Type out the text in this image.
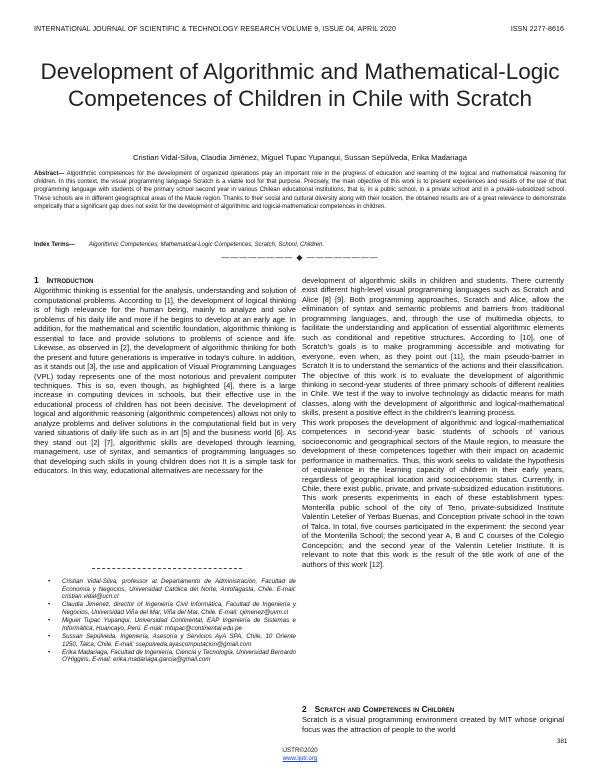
INTERNATIONAL JOURNAL OF SCIENTIFIC & TECHNOLOGY RESEARCH VOLUME 9, ISSUE 04, APRIL 2020	ISSN 2277-8616
Development of Algorithmic and Mathematical-Logic Competences of Children in Chile with Scratch
Cristian Vidal-Silva, Claudia Jiménez, Miguel Tupac Yupanqui, Sussan Sepúlveda, Erika Madariaga
Abstract— Algorithmic competences for the development of organized operations play an important role in the progress of education and learning of the logical and mathematical reasoning for children. In this context, the visual programming language Scratch is a viable tool for that purpose. Precisely, the main objective of this work is to present experiences and results of the use of that programming language with students of the primary school second year in various Chilean educational institutions, that is, in a public school, in a private school and in a private-subsidized school. These schools are in different geographical areas of the Maule region. Thanks to their social and cultural diversity along with their location, the obtained results are of a great relevance to demonstrate empirically that a significant gap does not exist for the development of algorithmic and logical-mathematical competences in children.
Index Terms— Algorithmic Competences, Mathematical-Logic Competences, Scratch, School, Children.
———————— ◆ ————————
1 Introduction

Algorithmic thinking is essential for the analysis, understanding and solution of computational problems. According to [1], the development of logical thinking is of high relevance for the human being, mainly to analyze and solve problems of his daily life and more if he begins to develop at an early age. In addition, for the mathematical and scientific foundation, algorithmic thinking is essential to face and provide solutions to problems of science and life. Likewise, as observed in [2], the development of algorithmic thinking for both the present and future generations is imperative in today's culture. In addition, as it stands out [3], the use and application of Visual Programming Languages (VPL) today represents one of the most notorious and prevalent computer techniques. This is so, even though, as highlighted [4], there is a large increase in computing devices in schools, but their effective use in the educational process of children has not been decisive. The development of logical and algorithmic reasoning (algorithmic competences) allows not only to analyze problems and deliver solutions in the computational field but in very varied situations of daily life such as in art [5] and the business world [6]. As they stand out [2] [7], algorithmic skills are developed through learning, management, use of syntax, and semantics of programming languages so that developing such skills in young children does not It is a simple task for educators. In this way, educational alternatives are necessary for the

development of algorithmic skills in children and students. There currently exist different high-level visual programming languages such as Scratch and Alice [8] [9]. Both programming approaches, Scratch and Alice, allow the elimination of syntax and semantic problems and barriers from traditional programming languages, and, through the use of multimedia objects, to facilitate the understanding and application of essential algorithmic elements such as conditional and repetitive structures. According to [10], one of Scratch's goals is to make programming accessible and motivating for everyone, even when, as they point out [11], the main pseudo-barrier in Scratch It is to understand the semantics of the actions and their classification. The objective of this work is to evaluate the development of algorithmic thinking in second-year students of three primary schools of different realities in Chile. We test if the way to involve technology as didactic means for math classes, along with the development of algorithmic and logical-mathematical skills, present a positive effect in the children's learning process.

This work proposes the development of algorithmic and logical-mathematical competences in second-year basic students of schools of various socioeconomic and geographical sectors of the Maule region, to measure the development of these competences together with their impact on academic performance in mathematics. Thus, this work seeks to validate the hypothesis of equivalence in the learning capacity of children in their early years, regardless of geographical location and socioeconomic status. Currently, in Chile, there exist public, private, and private-subsidized education institutions. This work presents experiments in each of these establishment types: Monterilla public school of the city of Teno, private-subsidized Institute Valentín Letelier of Yerbas Buenas, and Conception private school in the town of Talca. In total, five courses participated in the experiment: the second year of the Monterilla School; the second year A, B and C courses of the Colegio Concepción; and the second year of the Valentín Letelier Institute. It is relevant to note that this work is the result of the title work of one of the authors of this work [12].

•	Cristian Vidal-Silva, professor at Departamento de Administración, Facultad de Economía y Negocios, Universidad Católica del Norte, Antofagasta, Chile. E-mail: cristian.vidal@ucn.cl
•	Claudia Jiménez, director of Ingeniería Civil Informática, Facultad de Ingeniería y Negocios, Universidad Viña del Mar, Viña del Mar, Chile. E-mail: cjimenez@uvm.cl
•	Miguel Tupac Yupanqui, Universidad Continental, EAP Ingeniería de Sistemas e Informática, Huancayo, Perú. E-mail: mtupac@continental.edu.pe
•	Sussan Sepúlveda, Ingeniería, Asesoría y Servicios AyA SPA, Chile, 10 Oriente 1250, Talca, Chile. E-mail: ssepulveda.ayascomputacion@gmail.com
•	Erika Madariaga, Facultad de Ingeniería, Ciencia y Tecnología, Universidad Bernardo O'Higgins, E-mail: erika.madariaga.garcia@gmail.com
2 Scratch and Competences in Children

Scratch is a visual programming environment created by MIT whose original focus was the attraction of people to the world

381
IJSTR©2020
www.ijstr.org
